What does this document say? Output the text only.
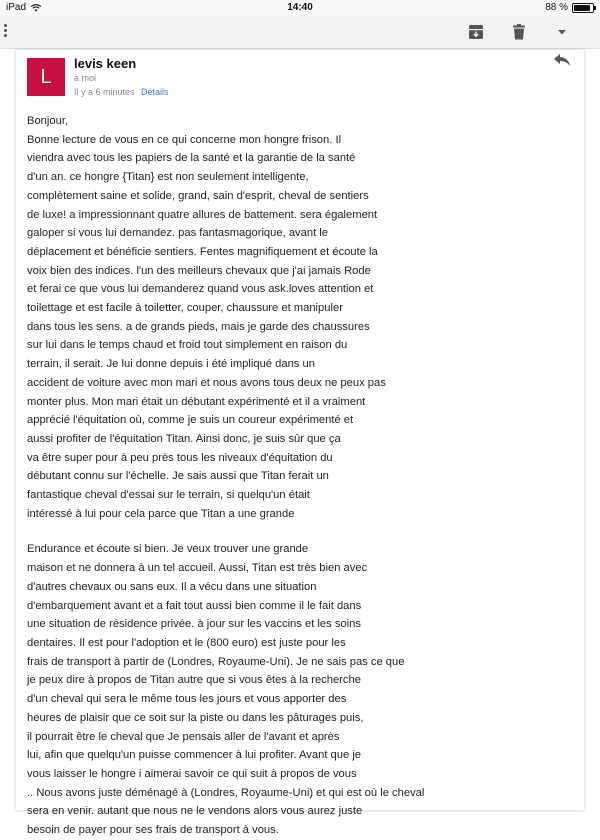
iPad	14:40	88 %
L
levis keen
à moi
Il y a 6 minutes Détails

Bonjour,

Bonne lecture de vous en ce qui concerne mon hongre frison. Il
viendra avec tous les papiers de la santé et la garantie de la santé
d'un an. ce hongre {Titan} est non seulement intelligente,
complètement saine et solide, grand, sain d'esprit, cheval de sentiers
de luxe! a impressionnant quatre allures de battement. sera également
galoper si vous lui demandez. pas fantasmagorique, avant le
déplacement et bénéficie sentiers. Fentes magnifiquement et écoute la
voix bien des indices. l'un des meilleurs chevaux que j'ai jamais Rode
et ferai ce que vous lui demanderez quand vous ask.loves attention et
toilettage et est facile à toiletter, couper, chaussure et manipuler
dans tous les sens. a de grands pieds, mais je garde des chaussures
sur lui dans le temps chaud et froid tout simplement en raison du
terrain, il serait. Je lui donne depuis i été impliqué dans un
accident de voiture avec mon mari et nous avons tous deux ne peux pas
monter plus. Mon mari était un débutant expérimenté et il a vraiment
apprécié l'équitation où, comme je suis un coureur expérimenté et
aussi profiter de l'équitation Titan. Ainsi donc, je suis sûr que ça
va être super pour à peu près tous les niveaux d'équitation du
débutant connu sur l'échelle. Je sais aussi que Titan ferait un
fantastique cheval d'essai sur le terrain, si quelqu'un était
intéressé à lui pour cela parce que Titan a une grande

Endurance et écoute si bien. Je veux trouver une grande
maison et ne donnera à un tel accueil. Aussi, Titan est très bien avec
d'autres chevaux ou sans eux. Il a vécu dans une situation
d'embarquement avant et a fait tout aussi bien comme il le fait dans
une situation de résidence privée. à jour sur les vaccins et les soins
dentaires. Il est pour l'adoption et le (800 euro) est juste pour les
frais de transport à partir de (Londres, Royaume-Uni). Je ne sais pas ce que
je peux dire à propos de Titan autre que si vous êtes à la recherche
d'un cheval qui sera le même tous les jours et vous apporter des
heures de plaisir que ce soit sur la piste ou dans les pâturages puis,
il pourrait être le cheval que Je pensais aller de l'avant et après
lui, afin que quelqu'un puisse commencer à lui profiter. Avant que je
vous laisser le hongre i aimerai savoir ce qui suit à propos de vous
.. Nous avons juste déménagé à (Londres, Royaume-Uni) et qui est où le cheval
sera en venir. autant que nous ne le vendons alors vous aurez juste
besoin de payer pour ses frais de transport à vous.
